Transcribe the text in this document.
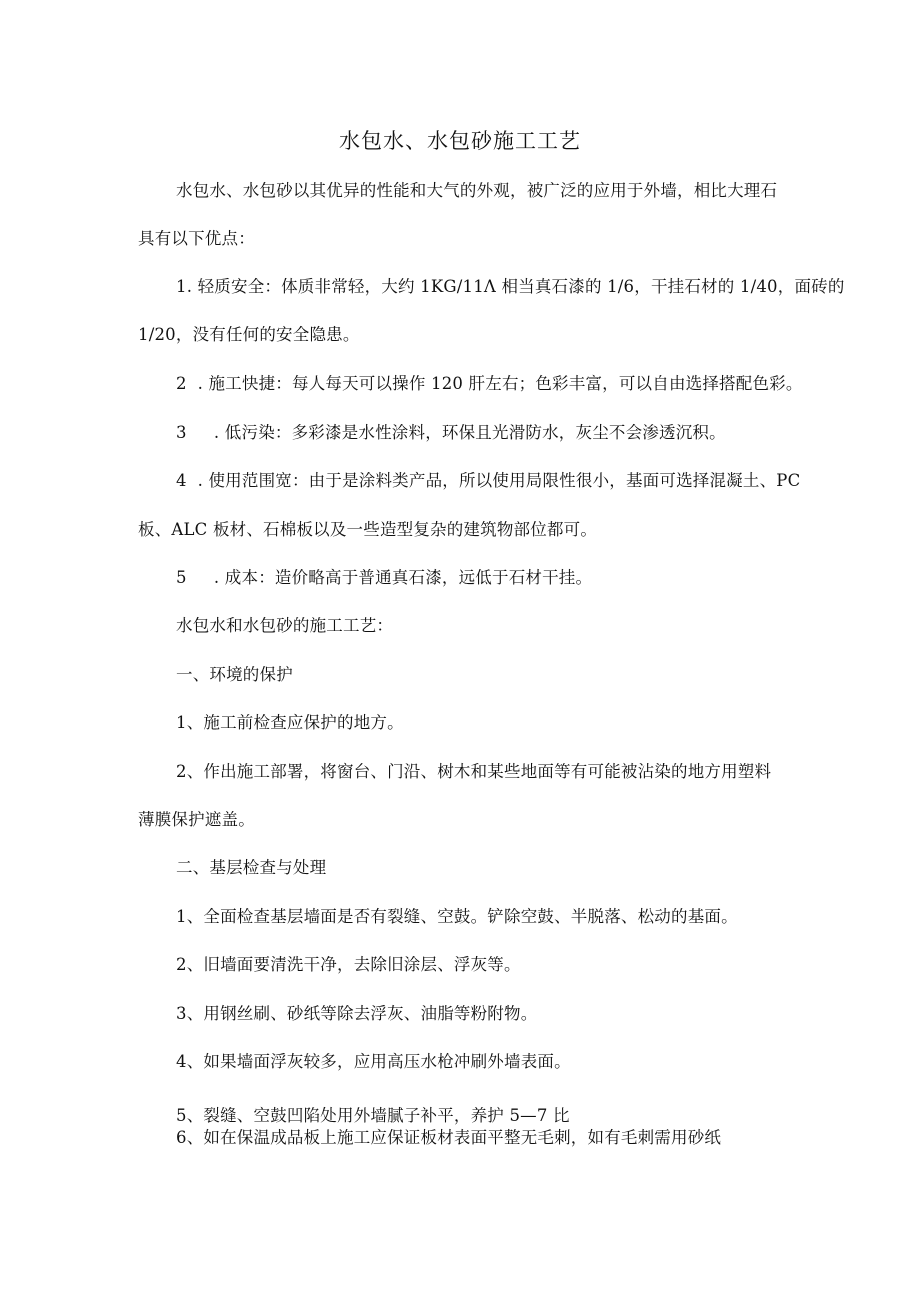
水包水、水包砂施工工艺
水包水、水包砂以其优异的性能和大气的外观，被广泛的应用于外墙，相比大理石
具有以下优点：
1. 轻质安全：体质非常轻，大约 1KG/11Λ 相当真石漆的 1/6，干挂石材的 1/40，面砖的
1/20，没有任何的安全隐患。
2  . 施工快捷：每人每天可以操作 120 肝左右；色彩丰富，可以自由选择搭配色彩。
3     . 低污染：多彩漆是水性涂料，环保且光滑防水，灰尘不会渗透沉积。
4  . 使用范围宽：由于是涂料类产品，所以使用局限性很小，基面可选择混凝土、PC
板、ALC 板材、石棉板以及一些造型复杂的建筑物部位都可。
5     . 成本：造价略高于普通真石漆，远低于石材干挂。
水包水和水包砂的施工工艺：
一、环境的保护
1、施工前检查应保护的地方。
2、作出施工部署，将窗台、门沿、树木和某些地面等有可能被沾染的地方用塑料
薄膜保护遮盖。
二、基层检查与处理
1、全面检查基层墙面是否有裂缝、空鼓。铲除空鼓、半脱落、松动的基面。
2、旧墙面要清洗干净，去除旧涂层、浮灰等。
3、用钢丝刷、砂纸等除去浮灰、油脂等粉附物。
4、如果墙面浮灰较多，应用高压水枪冲刷外墙表面。
5、裂缝、空鼓凹陷处用外墙腻子补平，养护 5—7 比
6、如在保温成品板上施工应保证板材表面平整无毛刺，如有毛刺需用砂纸
